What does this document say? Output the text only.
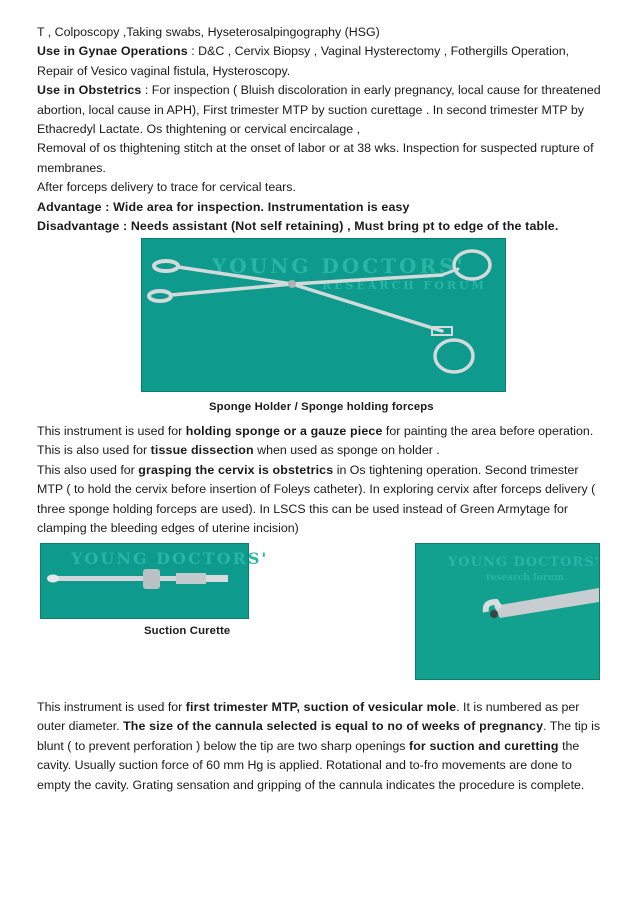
T , Colposcopy ,Taking swabs, Hyseterosalpingography (HSG)

Use in Gynae Operations : D&C , Cervix Biopsy , Vaginal Hysterectomy , Fothergills Operation, Repair of Vesico vaginal fistula, Hysteroscopy.

Use in Obstetrics : For inspection ( Bluish discoloration in early pregnancy, local cause for threatened abortion, local cause in APH), First trimester MTP by suction curettage . In second trimester MTP by Ethacredyl Lactate. Os thightening or cervical encircalage ,

Removal of os thightening stitch at the onset of labor or at 38 wks. Inspection for suspected rupture of membranes.

After forceps delivery to trace for cervical tears.

Advantage : Wide area for inspection. Instrumentation is easy

Disadvantage : Needs assistant (Not self retaining) , Must bring pt to edge of the table.

YOUNG DOCTORS'
RESEARCH FORUM
Sponge Holder / Sponge holding forceps

This instrument is used for holding sponge or a gauze piece for painting the area before operation.

This is also used for tissue dissection when used as sponge on holder .

This also used for grasping the cervix is obstetrics in Os tightening operation. Second trimester MTP ( to hold the cervix before insertion of Foleys catheter). In exploring cervix after forceps delivery ( three sponge holding forceps are used). In LSCS this can be used instead of Green Armytage for clamping the bleeding edges of uterine incision)

YOUNG DOCTORS'
Suction Curette
YOUNG DOCTORS'
research forum

This instrument is used for first trimester MTP, suction of vesicular mole. It is numbered as per outer diameter. The size of the cannula selected is equal to no of weeks of pregnancy. The tip is blunt ( to prevent perforation ) below the tip are two sharp openings for suction and curetting the cavity. Usually suction force of 60 mm Hg is applied. Rotational and to-fro movements are done to empty the cavity. Grating sensation and gripping of the cannula indicates the procedure is complete.
